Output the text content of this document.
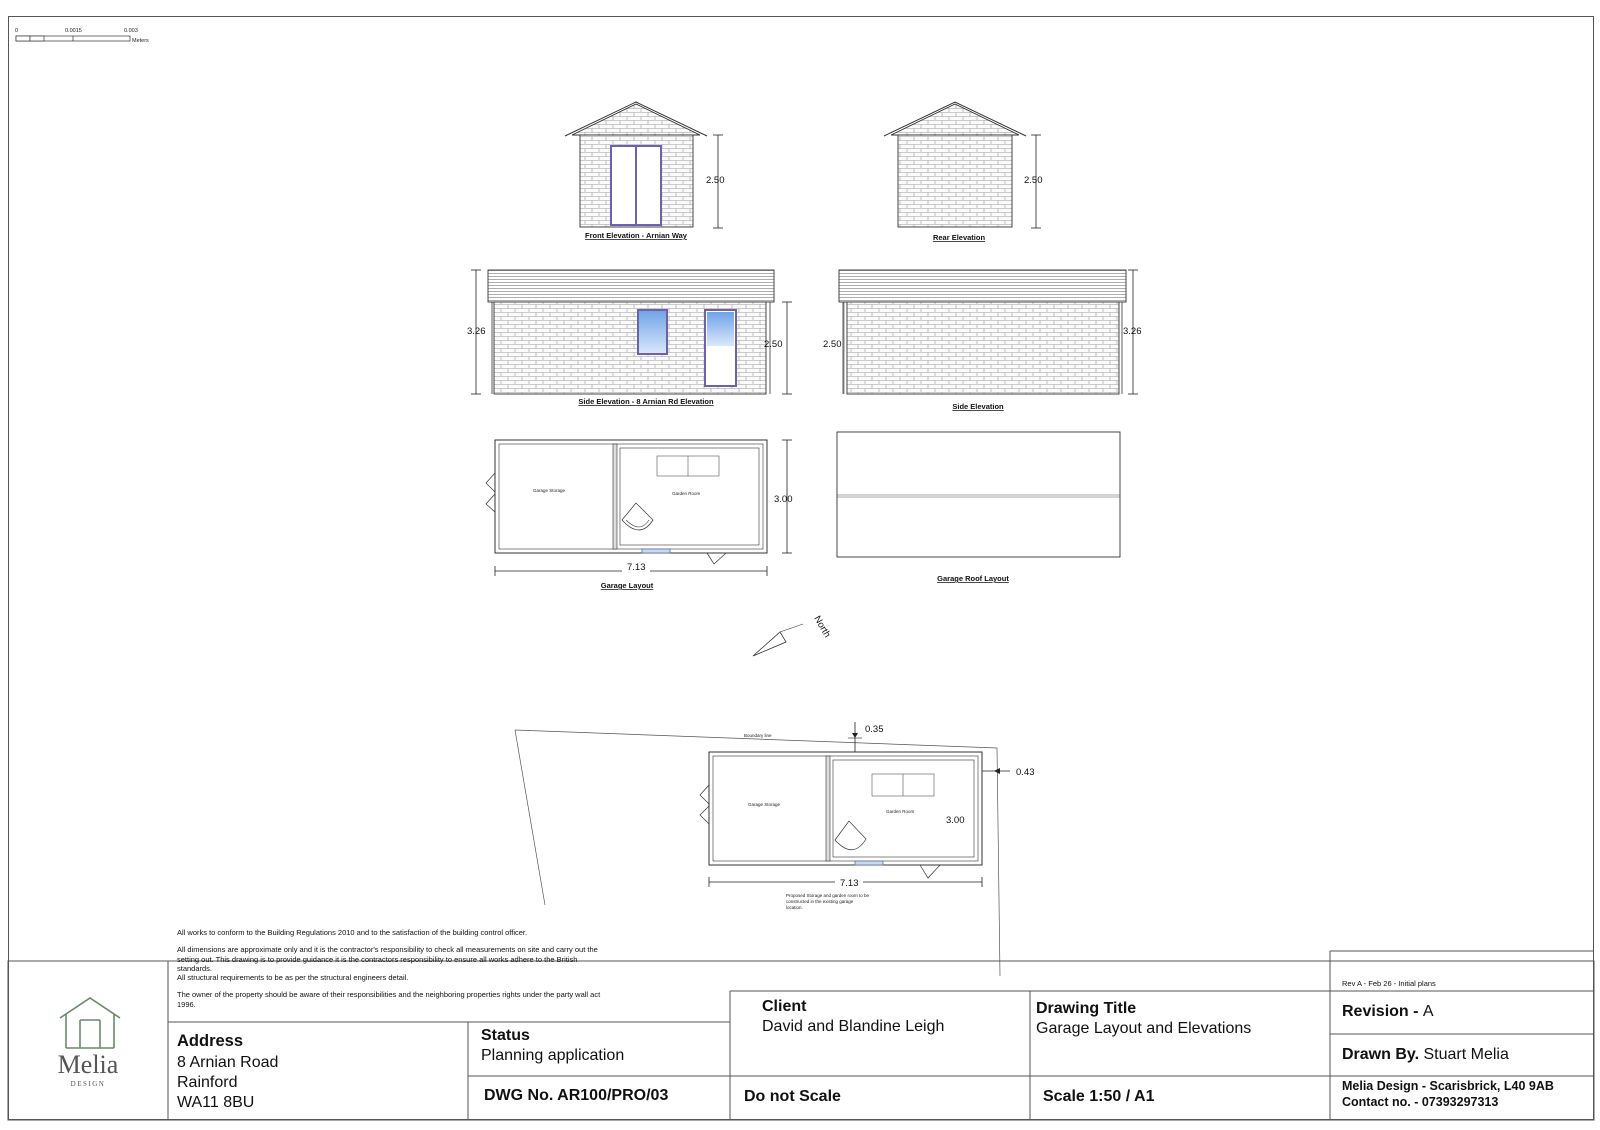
0	0.0015	0.003
Meters
2.50
Front Elevation - Arnian Way
2.50
Rear Elevation
3.26
2.50
Side Elevation - 8 Arnian Rd Elevation
3.26
2.50
Side Elevation
Garage Storage
Garden Room
3.00
7.13
Garage Layout
Garage Roof Layout
North
Boundary line
Garage Storage
Garden Room
0.35
0.43
3.00
7.13
Proposed Storage and garden room to be
constructed in the existing garage
location.

All works to conform to the Building Regulations 2010 and to the satisfaction of the building control officer.

All dimensions are approximate only and it is the contractor's responsibility to check all measurements on site and carry out the setting out. This drawing is to provide guidance it is the contractors responsibility to ensure all works adhere to the British standards.

All structural requirements to be as per the structural engineers detail.

The owner of the property should be aware of their responsibilities and the neighboring properties rights under the party wall act 1996.

Melia
DESIGN
Address
8 Arnian Road
Rainford
WA11 8BU
Status
Planning application
DWG No. AR100/PRO/03
Client
David and Blandine Leigh
Do not Scale
Drawing Title
Garage Layout and Elevations
Scale 1:50 / A1
Rev A - Feb 26 - Initial plans
Revision - A
Drawn By. Stuart Melia
Melia Design - Scarisbrick, L40 9AB
Contact no. - 07393297313
